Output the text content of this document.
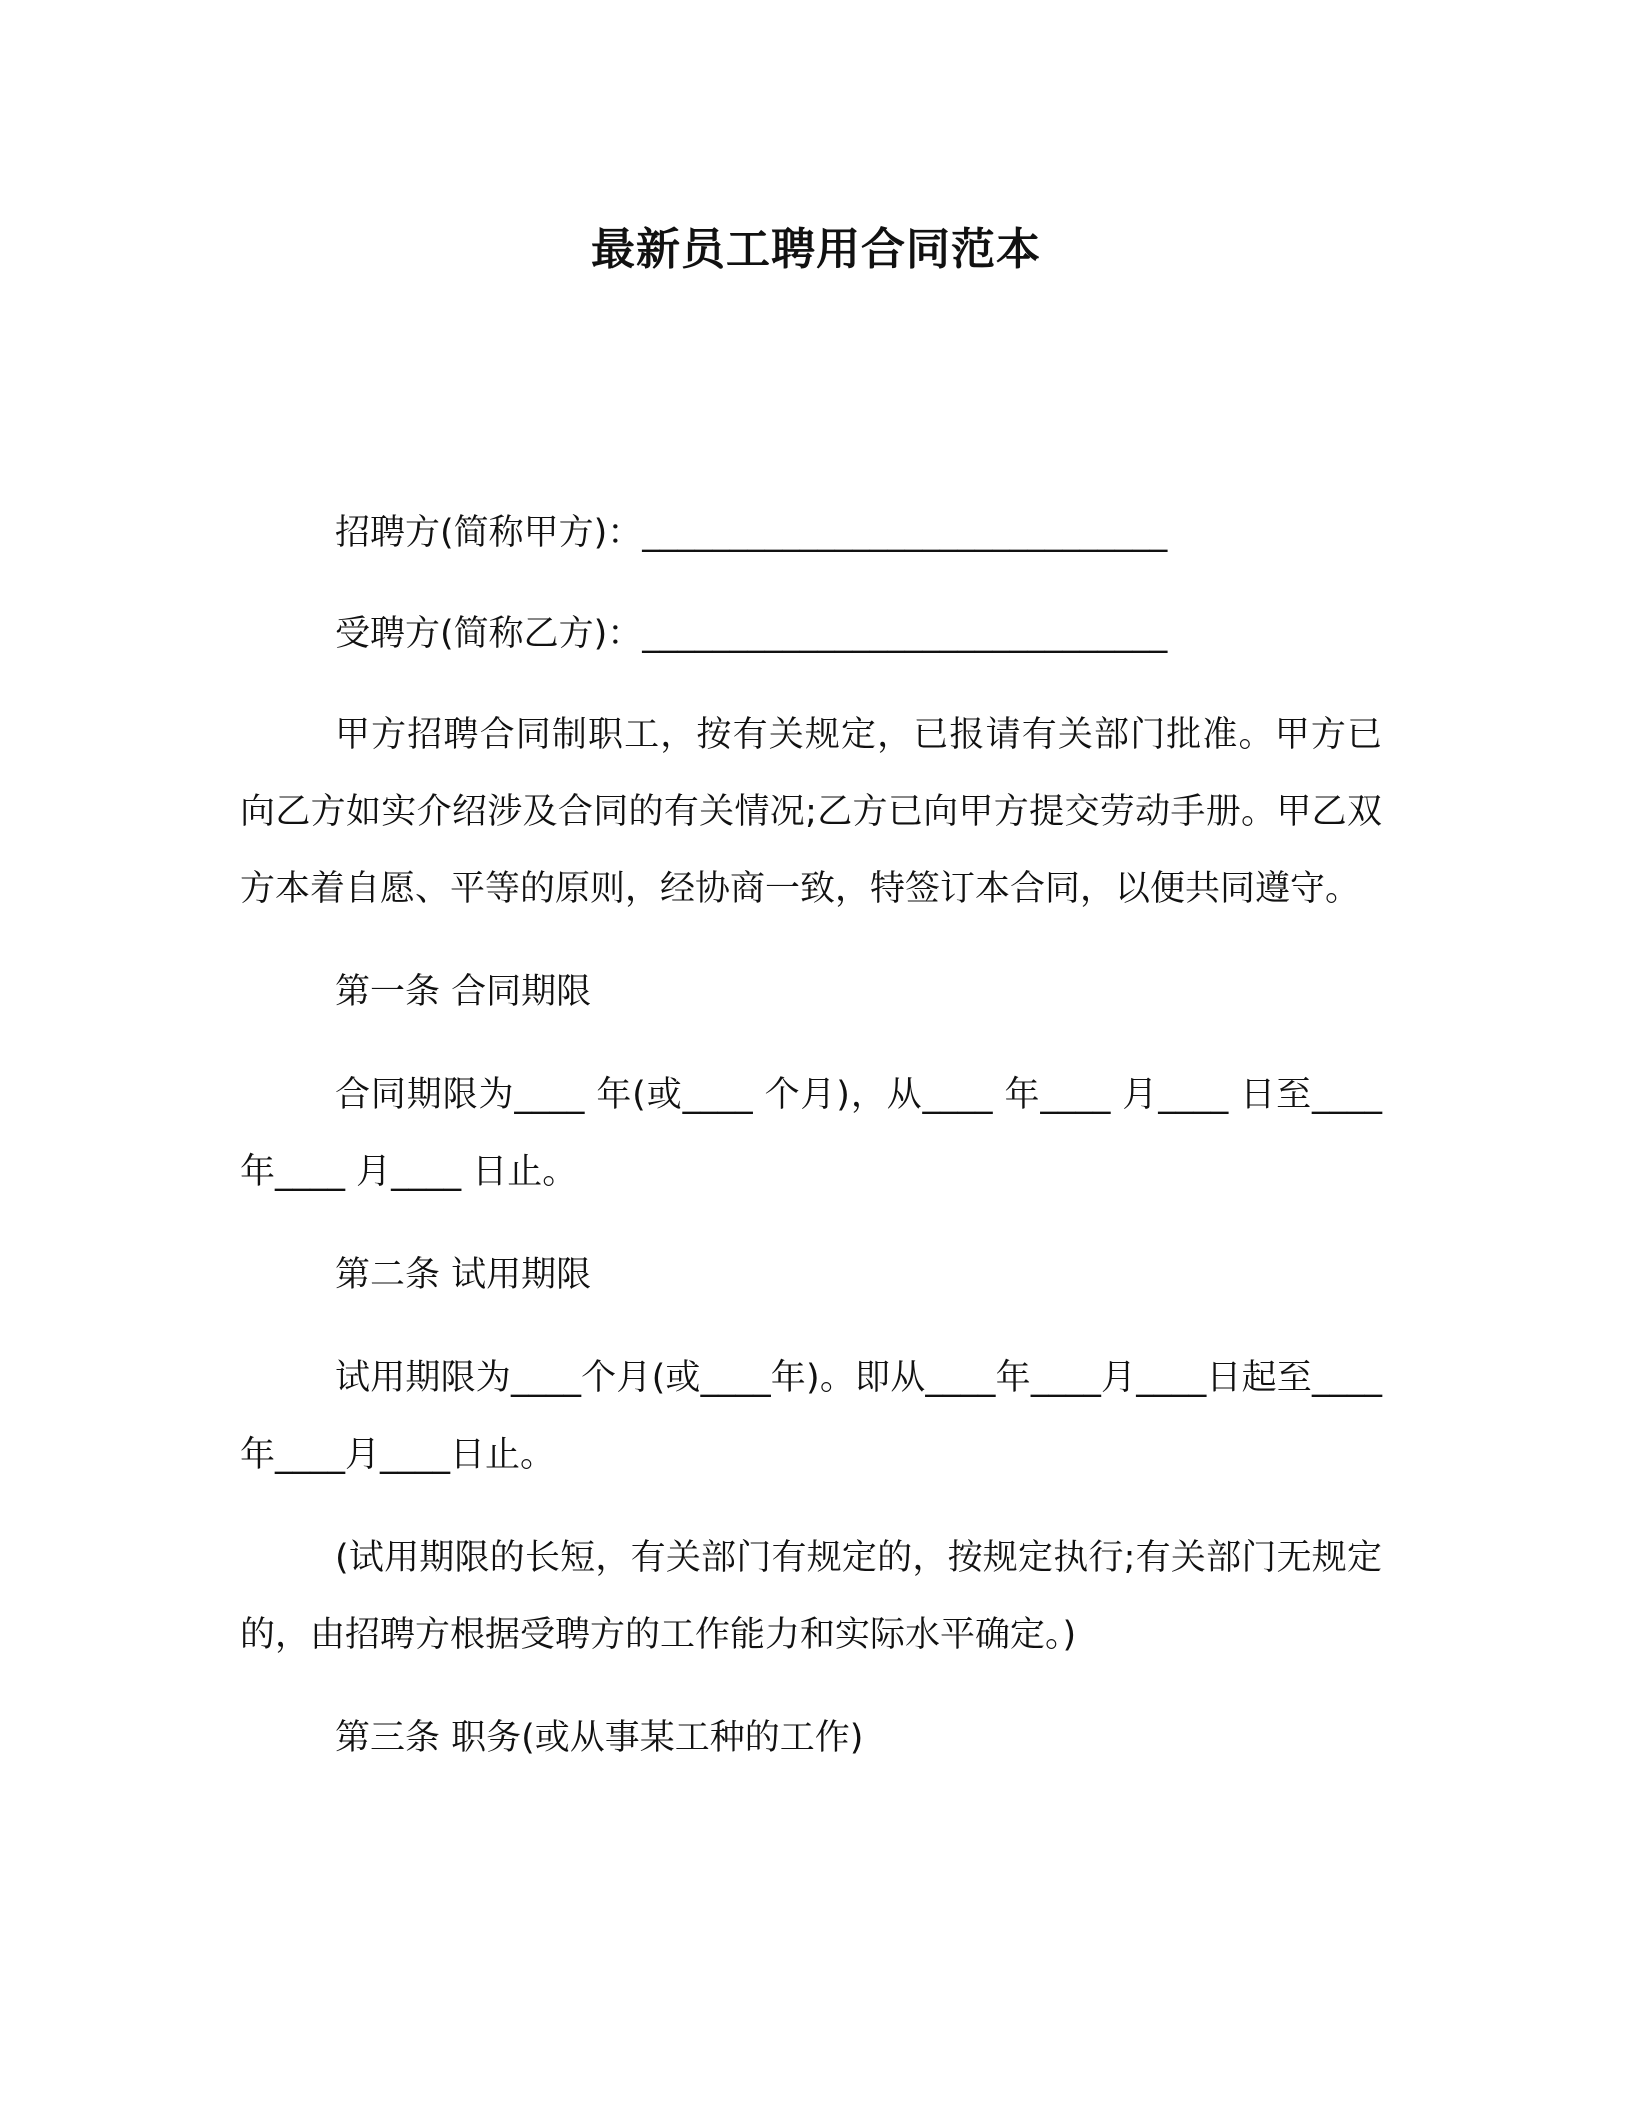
最新员工聘用合同范本

招聘方(简称甲方)：______________________________

受聘方(简称乙方)：______________________________

甲方招聘合同制职工，按有关规定，已报请有关部门批准。甲方已向乙方如实介绍涉及合同的有关情况;乙方已向甲方提交劳动手册。甲乙双方本着自愿、平等的原则，经协商一致，特签订本合同，以便共同遵守。

第一条 合同期限

合同期限为____ 年(或____ 个月)，从____ 年____ 月____ 日至____ 年____ 月____ 日止。

第二条 试用期限

试用期限为____个月(或____年)。即从____年____月____日起至____年____月____日止。

(试用期限的长短，有关部门有规定的，按规定执行;有关部门无规定的，由招聘方根据受聘方的工作能力和实际水平确定。)

第三条 职务(或从事某工种的工作)
